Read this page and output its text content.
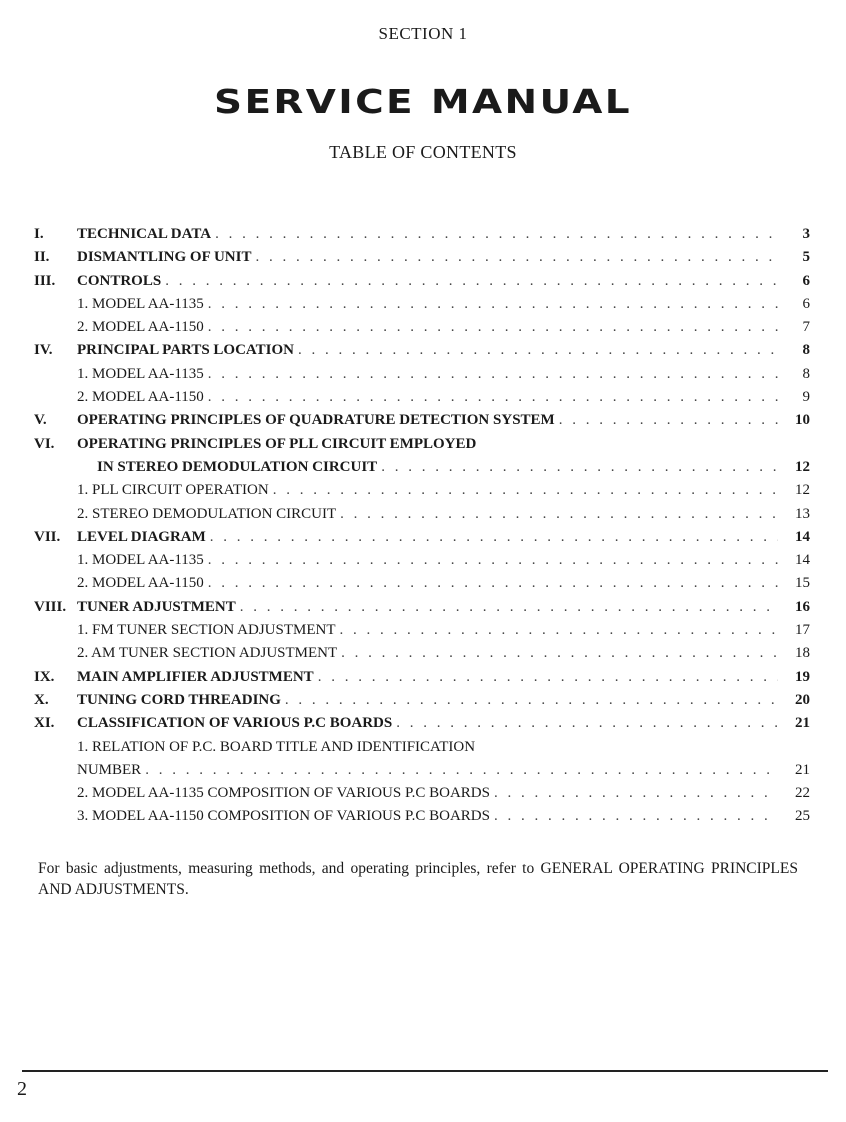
SECTION 1
SERVICE MANUAL
TABLE OF CONTENTS
I.	TECHNICAL DATA . . .	3
II.	DISMANTLING OF UNIT . . .	5
III.	CONTROLS . . .	6
1. MODEL AA-1135 . . .	6
2. MODEL AA-1150 . . .	7
IV.	PRINCIPAL PARTS LOCATION . . .	8
1. MODEL AA-1135 . . .	8
2. MODEL AA-1150 . . .	9
V.	OPERATING PRINCIPLES OF QUADRATURE DETECTION SYSTEM . . .	10
VI.	OPERATING PRINCIPLES OF PLL CIRCUIT EMPLOYED
IN STEREO DEMODULATION CIRCUIT . . .	12
1. PLL CIRCUIT OPERATION . . .	12
2. STEREO DEMODULATION CIRCUIT . . .	13
VII.	LEVEL DIAGRAM . . .	14
1. MODEL AA-1135 . . .	14
2. MODEL AA-1150 . . .	15
VIII. TUNER ADJUSTMENT . . .	16
1. FM TUNER SECTION ADJUSTMENT . . .	17
2. AM TUNER SECTION ADJUSTMENT . . .	18
IX.	MAIN AMPLIFIER ADJUSTMENT . . .	19
X.	TUNING CORD THREADING . . .	20
XI.	CLASSIFICATION OF VARIOUS P.C BOARDS . . .	21
1. RELATION OF P.C. BOARD TITLE AND IDENTIFICATION
NUMBER . . .	21
2. MODEL AA-1135 COMPOSITION OF VARIOUS P.C BOARDS . . .	22
3. MODEL AA-1150 COMPOSITION OF VARIOUS P.C BOARDS . . .	25
For basic adjustments, measuring methods, and operating principles, refer to GENERAL OPERATING PRINCIPLES AND ADJUSTMENTS.
2
